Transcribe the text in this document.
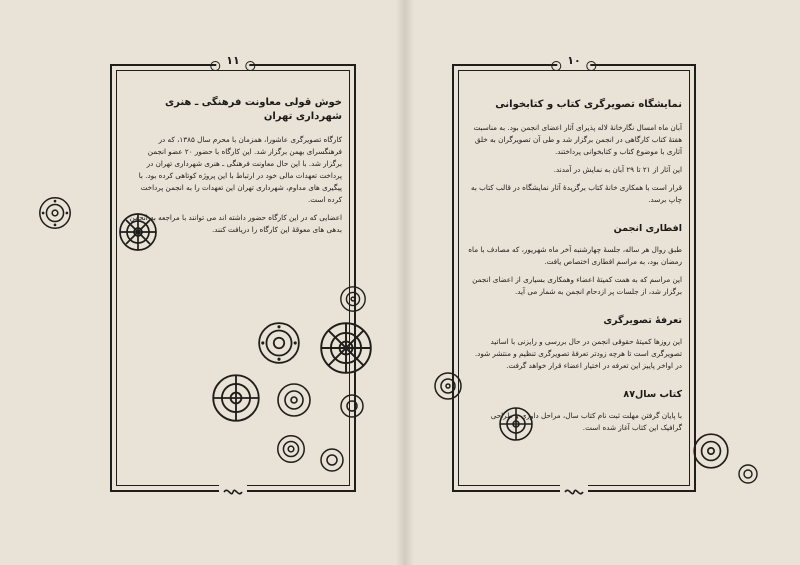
١١
خوش قولی معاونت فرهنگی ـ هنری شهرداری تهران

کارگاه تصویرگری عاشورا، همزمان با محرم سال ۱۳۸۵، که در فرهنگسرای بهمن برگزار شد. این کارگاه با حضور ۲۰ عضو انجمن برگزار شد. با این حال معاونت فرهنگی ـ هنری شهرداری تهران در پرداخت تعهدات مالی خود در ارتباط با این پروژه کوتاهی کرده بود. با پیگیری های مداوم، شهرداری تهران این تعهدات را به انجمن پرداخت کرده است.

اعضایی که در این کارگاه حضور داشته اند می توانند با مراجعه به انجمن بدهی های معوقهٔ این کارگاه را دریافت کنند.

١٠
نمایشگاه تصویرگری کتاب و کتابخوانی

آبان ماه امسال نگارخانهٔ لاله پذیرای آثار اعضای انجمن بود. به مناسبت هفتهٔ کتاب کارگاهی در انجمن برگزار شد و طی آن تصویرگران به خلق آثاری با موضوع کتاب و کتابخوانی پرداختند.

این آثار از ۲۱ تا ۲۹ آبان به نمایش در آمدند.

قرار است با همکاری خانهٔ کتاب برگزیدهٔ آثار نمایشگاه در قالب کتاب به چاپ برسد.

افطاری انجمن

طبق روال هر ساله، جلسهٔ چهارشنبه آخر ماه شهریور، که مصادف با ماه رمضان بود، به مراسم افطاری اختصاص یافت.

این مراسم که به همت کمیتهٔ اعضاء وهمکاری بسیاری از اعضای انجمن برگزار شد، از جلسات پر ازدحام انجمن به شمار می آید.

تعرفهٔ تصویرگری

این روزها کمیتهٔ حقوقی انجمن در حال بررسی و رایزنی با اساتید تصویرگری است تا هرچه زودتر تعرفهٔ تصویرگری تنظیم و منتشر شود. در اواخر پاییز این تعرفه در اختیار اعضاء قرار خواهد گرفت.

کتاب سال۸۷

با پایان گرفتن مهلت ثبت نام کتاب سال، مراحل داوری و طراحی گرافیک این کتاب آغاز شده است.
